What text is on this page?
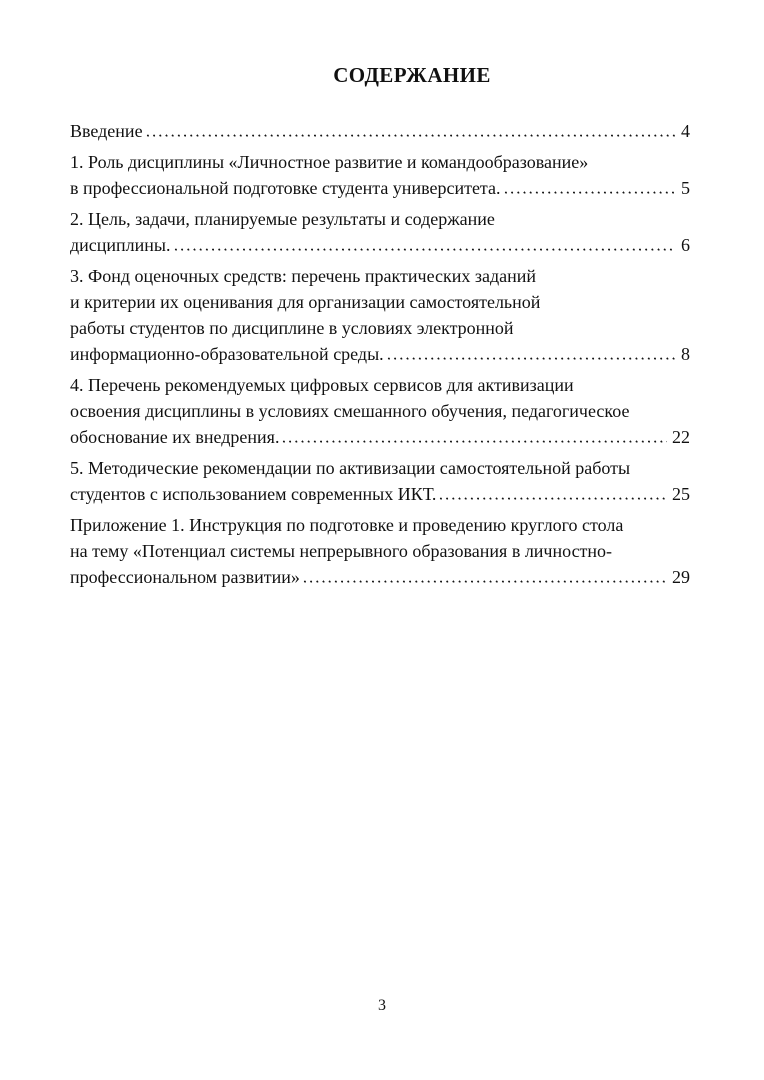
СОДЕРЖАНИЕ
Введение	4
1. Роль дисциплины «Личностное развитие и командообразование»
в профессиональной подготовке студента университета.	5
2. Цель, задачи, планируемые результаты и содержание
дисциплины.	6
3. Фонд оценочных средств: перечень практических заданий
и критерии их оценивания для организации самостоятельной
работы студентов по дисциплине в условиях электронной
информационно-образовательной среды.	8
4. Перечень рекомендуемых цифровых сервисов для активизации
освоения дисциплины в условиях смешанного обучения, педагогическое
обоснование их внедрения.	22
5. Методические рекомендации по активизации самостоятельной работы
студентов с использованием современных ИКТ.	25
Приложение 1. Инструкция по подготовке и проведению круглого стола
на тему «Потенциал системы непрерывного образования в личностно-
профессиональном развитии»	29
3
